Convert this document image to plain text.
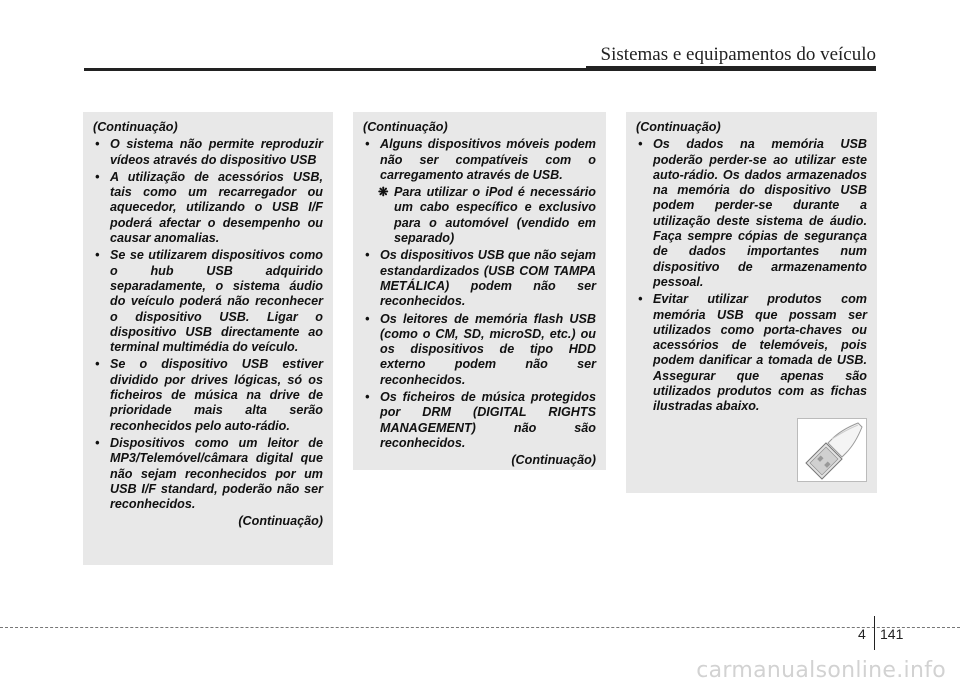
Sistemas e equipamentos do veículo
(Continuação)
• O sistema não permite reproduzir vídeos através do dispositivo USB
• A utilização de acessórios USB, tais como um recarregador ou aquecedor, utilizando o USB I/F poderá afectar o desempenho ou causar anomalias.
• Se se utilizarem dispositivos como o hub USB adquirido separadamente, o sistema áudio do veículo poderá não reconhecer o dispositivo USB. Ligar o dispositivo USB directamente ao terminal multimédia do veículo.
• Se o dispositivo USB estiver dividido por drives lógicas, só os ficheiros de música na drive de prioridade mais alta serão reconhecidos pelo auto-rádio.
• Dispositivos como um leitor de MP3/Telemóvel/câmara digital que não sejam reconhecidos por um USB I/F standard, poderão não ser reconhecidos.
(Continuação)
(Continuação)
• Alguns dispositivos móveis podem não ser compatíveis com o carregamento através de USB.
❋ Para utilizar o iPod é necessário um cabo específico e exclusivo para o automóvel (vendido em separado)
• Os dispositivos USB que não sejam estandardizados (USB COM TAMPA METÁLICA) podem não ser reconhecidos.
• Os leitores de memória flash USB (como o CM, SD, microSD, etc.) ou os dispositivos de tipo HDD externo podem não ser reconhecidos.
• Os ficheiros de música protegidos por DRM (DIGITAL RIGHTS MANAGEMENT) não são reconhecidos.
(Continuação)
(Continuação)
• Os dados na memória USB poderão perder-se ao utilizar este auto-rádio. Os dados armazenados na memória do dispositivo USB podem perder-se durante a utilização deste sistema de áudio. Faça sempre cópias de segurança de dados importantes num dispositivo de armazenamento pessoal.
• Evitar utilizar produtos com memória USB que possam ser utilizados como porta-chaves ou acessórios de telemóveis, pois podem danificar a tomada de USB. Assegurar que apenas são utilizados produtos com as fichas ilustradas abaixo.
4 141
carmanualsonline.info
